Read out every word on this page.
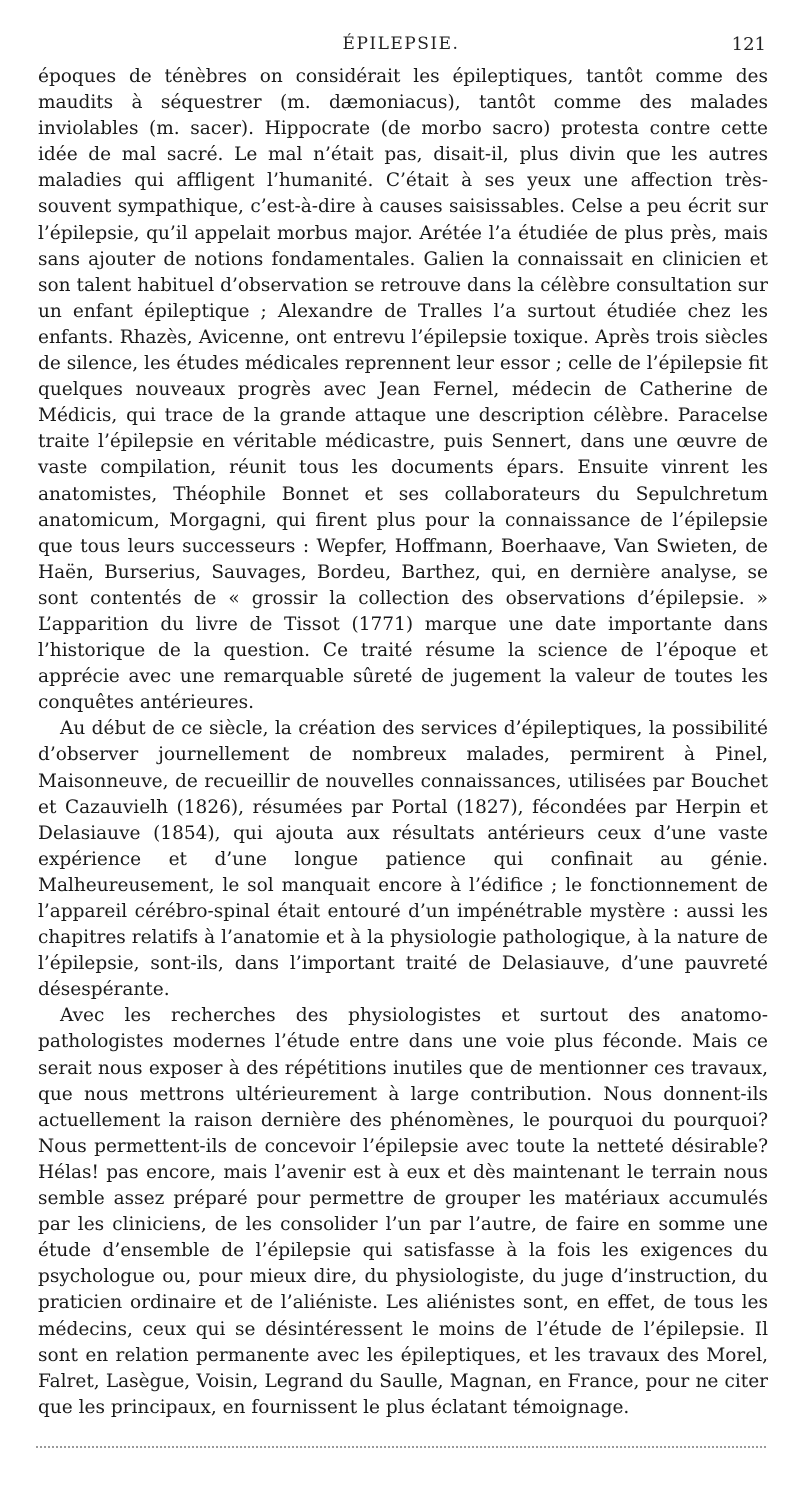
ÉPILEPSIE.	121

époques de ténèbres on considérait les épileptiques, tantôt comme des maudits à séquestrer (m. dæmoniacus), tantôt comme des malades inviolables (m. sacer). Hippocrate (de morbo sacro) protesta contre cette idée de mal sacré. Le mal n’était pas, disait-il, plus divin que les autres maladies qui affligent l’humanité. C’était à ses yeux une affection très-souvent sympathique, c’est-à-dire à causes saisissables. Celse a peu écrit sur l’épilepsie, qu’il appelait morbus major. Arétée l’a étudiée de plus près, mais sans ajouter de notions fondamentales. Galien la connaissait en clinicien et son talent habituel d’observation se retrouve dans la célèbre consultation sur un enfant épileptique ; Alexandre de Tralles l’a surtout étudiée chez les enfants. Rhazès, Avicenne, ont entrevu l’épilepsie toxique. Après trois siècles de silence, les études médicales reprennent leur essor ; celle de l’épilepsie fit quelques nouveaux progrès avec Jean Fernel, médecin de Catherine de Médicis, qui trace de la grande attaque une description célèbre. Paracelse traite l’épilepsie en véritable médicastre, puis Sennert, dans une œuvre de vaste compilation, réunit tous les documents épars. Ensuite vinrent les anatomistes, Théophile Bonnet et ses collaborateurs du Sepulchretum anatomicum, Morgagni, qui firent plus pour la connaissance de l’épilepsie que tous leurs successeurs : Wepfer, Hoffmann, Boerhaave, Van Swieten, de Haën, Burserius, Sauvages, Bordeu, Barthez, qui, en dernière analyse, se sont contentés de « grossir la collection des observations d’épilepsie. » L’apparition du livre de Tissot (1771) marque une date importante dans l’historique de la question. Ce traité résume la science de l’époque et apprécie avec une remarquable sûreté de jugement la valeur de toutes les conquêtes antérieures.

Au début de ce siècle, la création des services d’épileptiques, la possibilité d’observer journellement de nombreux malades, permirent à Pinel, Maisonneuve, de recueillir de nouvelles connaissances, utilisées par Bouchet et Cazauvielh (1826), résumées par Portal (1827), fécondées par Herpin et Delasiauve (1854), qui ajouta aux résultats antérieurs ceux d’une vaste expérience et d’une longue patience qui confinait au génie. Malheureusement, le sol manquait encore à l’édifice ; le fonctionnement de l’appareil cérébro-spinal était entouré d’un impénétrable mystère : aussi les chapitres relatifs à l’anatomie et à la physiologie pathologique, à la nature de l’épilepsie, sont-ils, dans l’important traité de Delasiauve, d’une pauvreté désespérante.

Avec les recherches des physiologistes et surtout des anatomo-pathologistes modernes l’étude entre dans une voie plus féconde. Mais ce serait nous exposer à des répétitions inutiles que de mentionner ces travaux, que nous mettrons ultérieurement à large contribution. Nous donnent-ils actuellement la raison dernière des phénomènes, le pourquoi du pourquoi? Nous permettent-ils de concevoir l’épilepsie avec toute la netteté désirable? Hélas! pas encore, mais l’avenir est à eux et dès maintenant le terrain nous semble assez préparé pour permettre de grouper les matériaux accumulés par les cliniciens, de les consolider l’un par l’autre, de faire en somme une étude d’ensemble de l’épilepsie qui satisfasse à la fois les exigences du psychologue ou, pour mieux dire, du physiologiste, du juge d’instruction, du praticien ordinaire et de l’aliéniste. Les aliénistes sont, en effet, de tous les médecins, ceux qui se désintéressent le moins de l’étude de l’épilepsie. Il sont en relation permanente avec les épileptiques, et les travaux des Morel, Falret, Lasègue, Voisin, Legrand du Saulle, Magnan, en France, pour ne citer que les principaux, en fournissent le plus éclatant témoignage.
